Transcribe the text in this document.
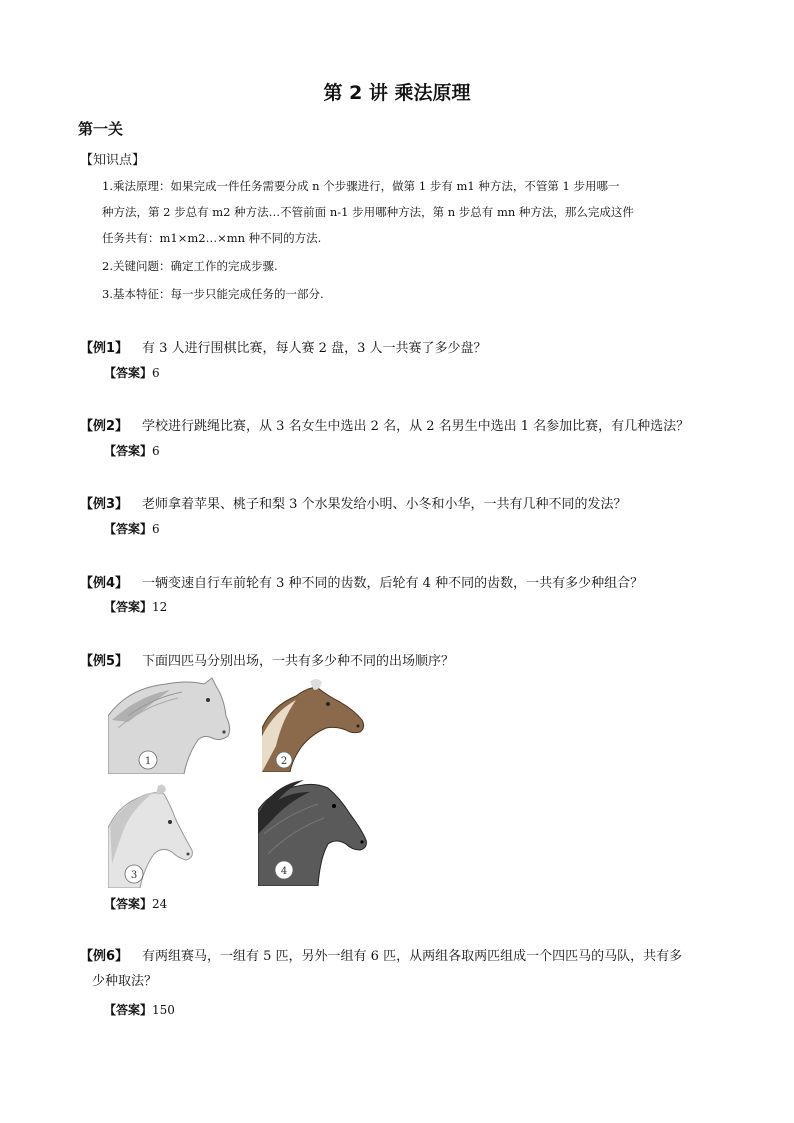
第 2 讲 乘法原理
第一关
【知识点】
1.乘法原理：如果完成一件任务需要分成 n 个步骤进行，做第 1 步有 m1 种方法，不管第 1 步用哪一
种方法，第 2 步总有 m2 种方法…不管前面 n-1 步用哪种方法，第 n 步总有 mn 种方法，那么完成这件
任务共有：m1×m2…×mn 种不同的方法.
2.关键问题：确定工作的完成步骤.
3.基本特征：每一步只能完成任务的一部分.
【例1】 有 3 人进行围棋比赛，每人赛 2 盘，3 人一共赛了多少盘？
【答案】6
【例2】 学校进行跳绳比赛，从 3 名女生中选出 2 名，从 2 名男生中选出 1 名参加比赛，有几种选法？
【答案】6
【例3】 老师拿着苹果、桃子和梨 3 个水果发给小明、小冬和小华，一共有几种不同的发法？
【答案】6
【例4】 一辆变速自行车前轮有 3 种不同的齿数，后轮有 4 种不同的齿数，一共有多少种组合？
【答案】12
【例5】 下面四匹马分别出场，一共有多少种不同的出场顺序？
1	2
3	4
【答案】24
【例6】 有两组赛马，一组有 5 匹，另外一组有 6 匹，从两组各取两匹组成一个四匹马的马队，共有多
少种取法？
【答案】150
